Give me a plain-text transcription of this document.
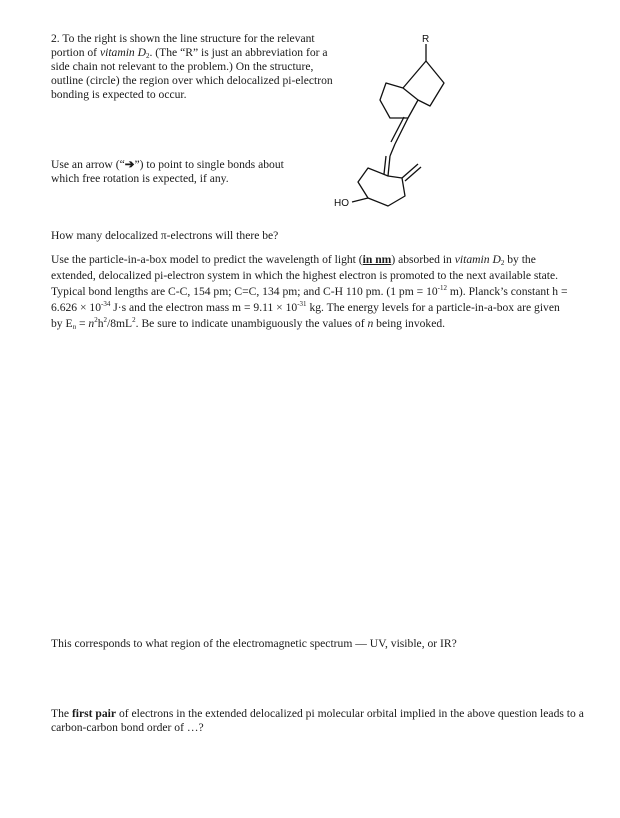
2. To the right is shown the line structure for the relevant portion of vitamin $D_2$. (The “R” is just an abbreviation for a side chain not relevant to the problem.) On the structure, outline (circle) the region over which delocalized pi-electron bonding is expected to occur.

Use an arrow (“➔”) to point to single bonds about which free rotation is expected, if any.

R
HO

How many delocalized π-electrons will there be?

Use the particle-in-a-box model to predict the wavelength of light (in nm) absorbed in vitamin $D_2$ by the extended, delocalized pi-electron system in which the highest electron is promoted to the next available state. Typical bond lengths are C-C, 154 pm; C=C, 134 pm; and C-H 110 pm. (1 pm = $10^{-12}$ m). Planck’s constant $h = 6.626 \times 10^{-34}$ J·s and the electron mass $m = 9.11 \times 10^{-31}$ kg. The energy levels for a particle-in-a-box are given by $E_n = n^2h^2/8mL^2$. Be sure to indicate unambiguously the values of n being invoked.

This corresponds to what region of the electromagnetic spectrum — UV, visible, or IR?

The first pair of electrons in the extended delocalized pi molecular orbital implied in the above question leads to a carbon-carbon bond order of …?
